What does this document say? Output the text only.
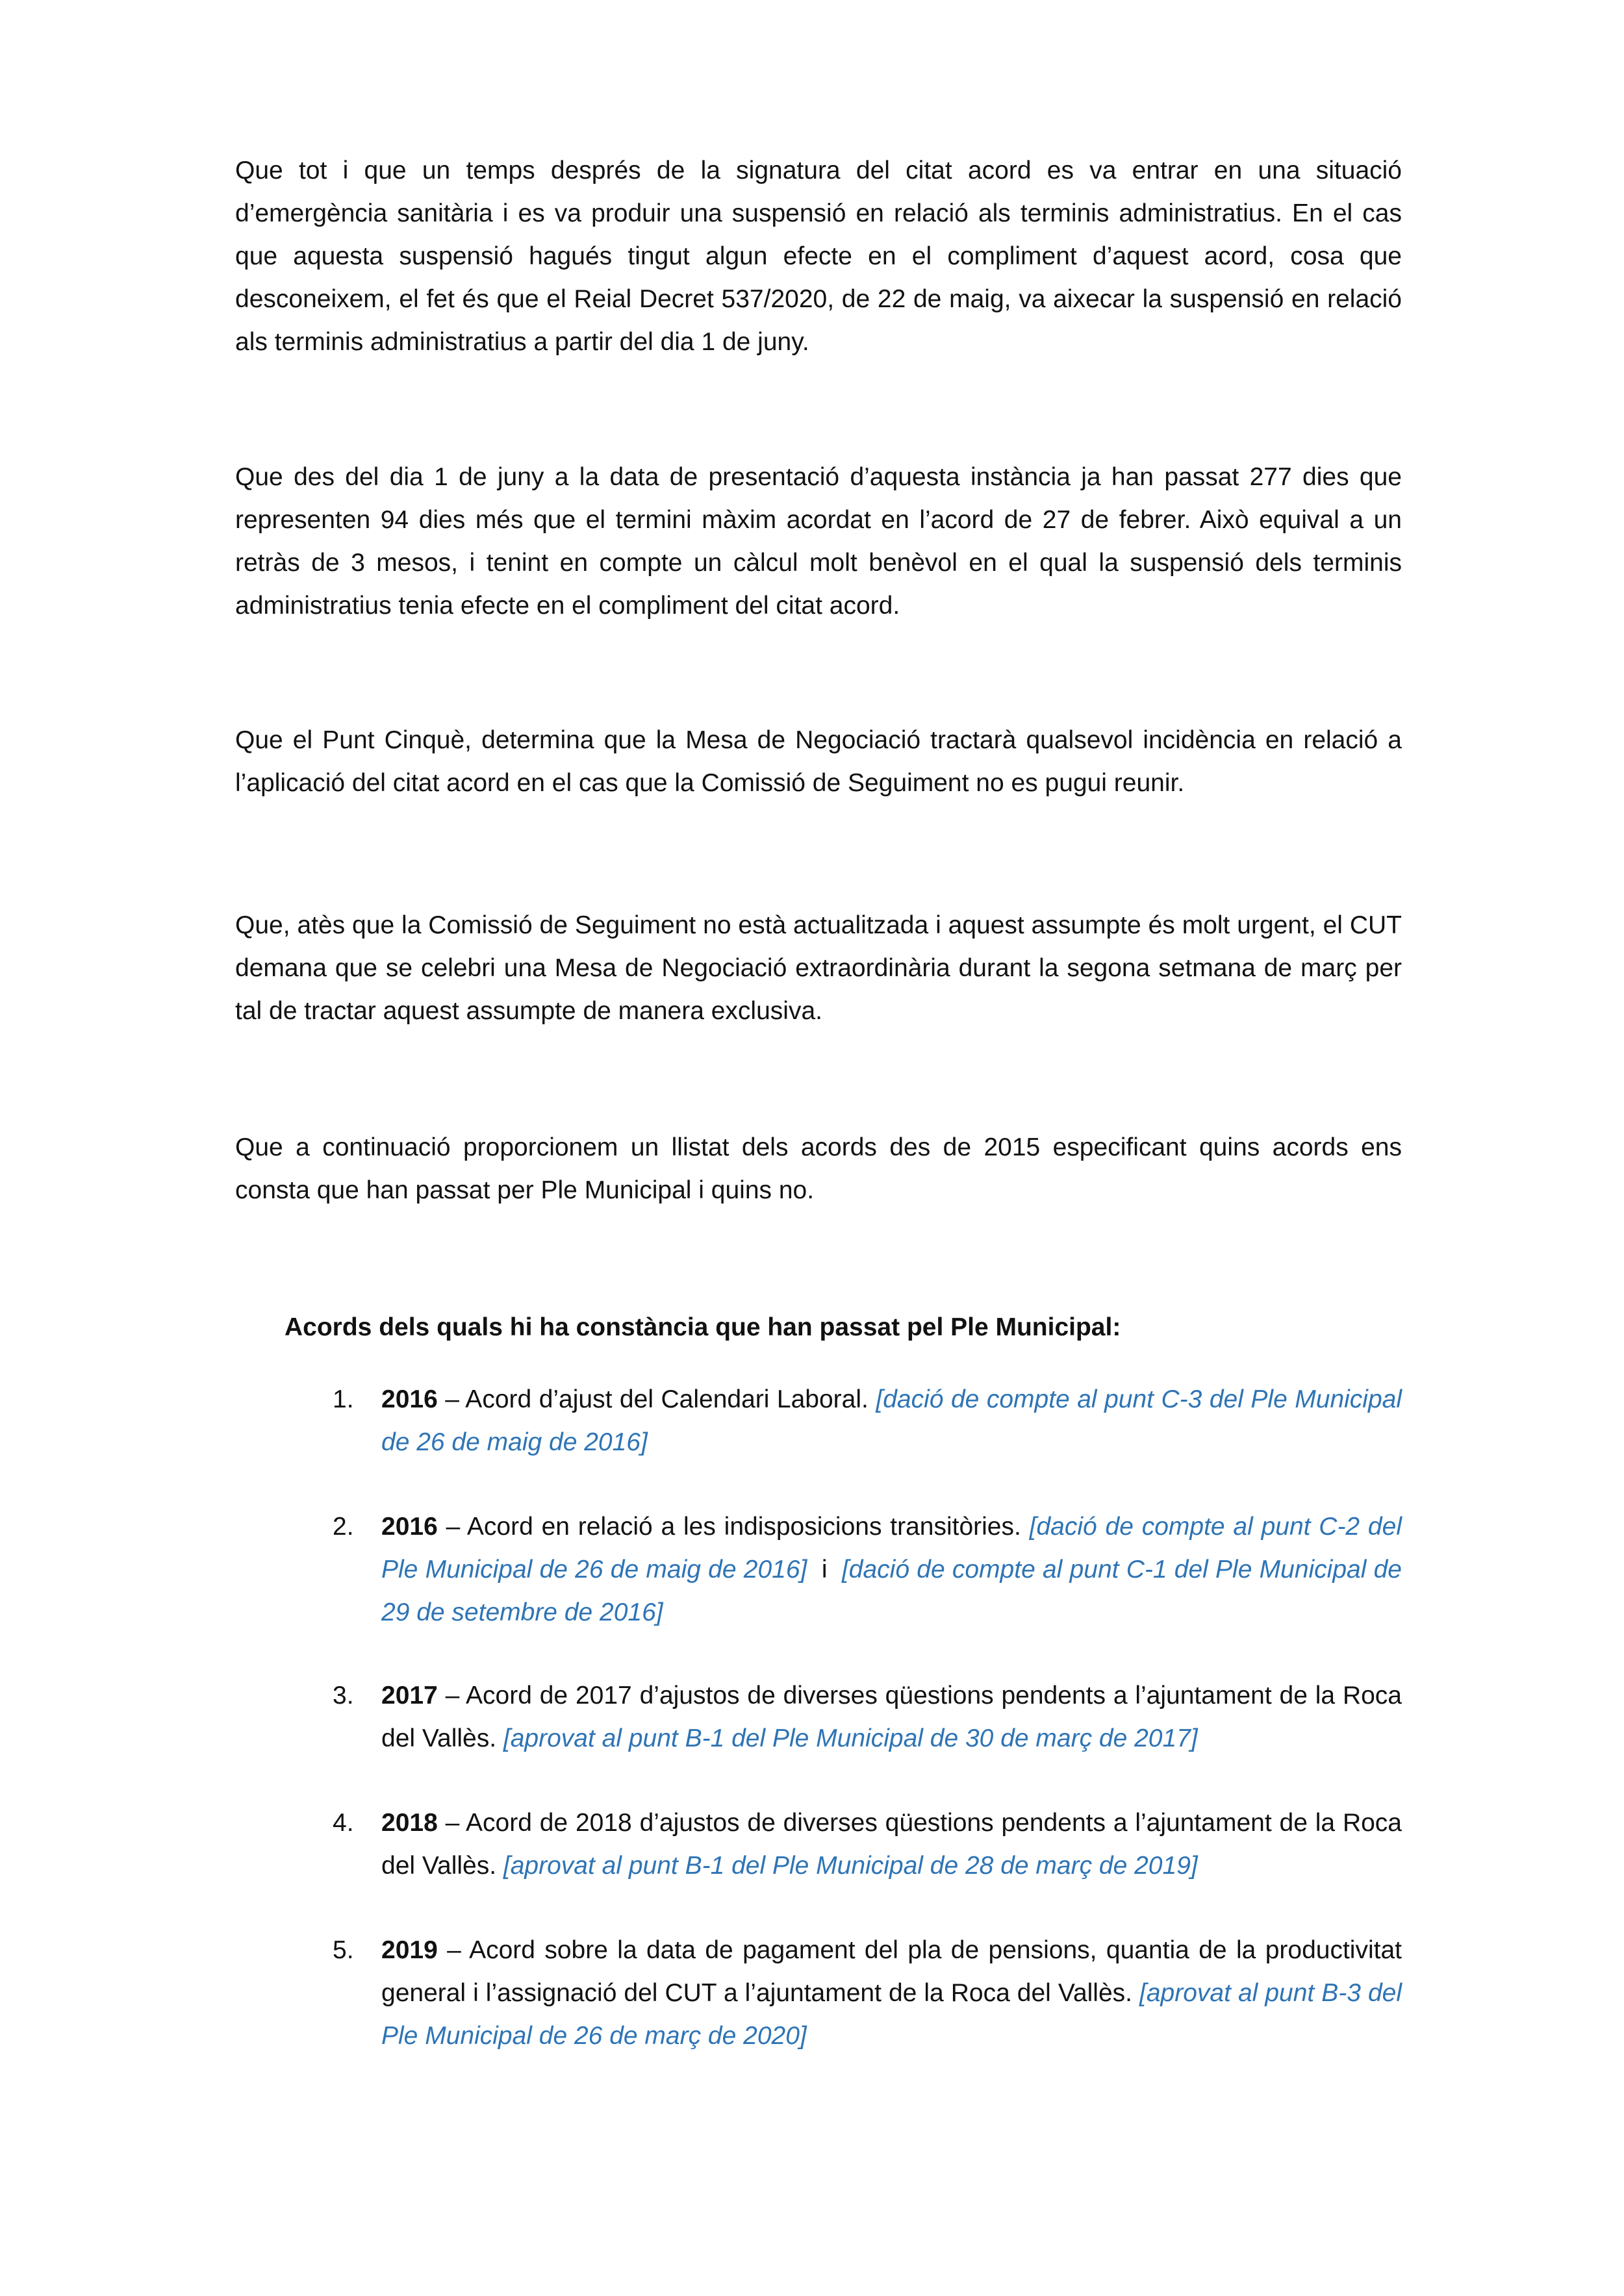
Que tot i que un temps després de la signatura del citat acord es va entrar en una situació d’emergència sanitària i es va produir una suspensió en relació als terminis administratius. En el cas que aquesta suspensió hagués tingut algun efecte en el compliment d’aquest acord, cosa que desconeixem, el fet és que el Reial Decret 537/2020, de 22 de maig, va aixecar la suspensió en relació als terminis administratius a partir del dia 1 de juny.

Que des del dia 1 de juny a la data de presentació d’aquesta instància ja han passat 277 dies que representen 94 dies més que el termini màxim acordat en l’acord de 27 de febrer. Això equival a un retràs de 3 mesos, i tenint en compte un càlcul molt benèvol en el qual la suspensió dels terminis administratius tenia efecte en el compliment del citat acord.

Que el Punt Cinquè, determina que la Mesa de Negociació tractarà qualsevol incidència en relació a l’aplicació del citat acord en el cas que la Comissió de Seguiment no es pugui reunir.

Que, atès que la Comissió de Seguiment no està actualitzada i aquest assumpte és molt urgent, el CUT demana que se celebri una Mesa de Negociació extraordinària durant la segona setmana de març per tal de tractar aquest assumpte de manera exclusiva.

Que a continuació proporcionem un llistat dels acords des de 2015 especificant quins acords ens consta que han passat per Ple Municipal i quins no.

Acords dels quals hi ha constància que han passat pel Ple Municipal:

1. 2016 – Acord d’ajust del Calendari Laboral. [dació de compte al punt C-3 del Ple Municipal de 26 de maig de 2016]

2. 2016 – Acord en relació a les indisposicions transitòries. [dació de compte al punt C-2 del Ple Municipal de 26 de maig de 2016]  i  [dació de compte al punt C-1 del Ple Municipal de 29 de setembre de 2016]

3. 2017 – Acord de 2017 d’ajustos de diverses qüestions pendents a l’ajuntament de la Roca del Vallès. [aprovat al punt B-1 del Ple Municipal de 30 de març de 2017]

4. 2018 – Acord de 2018 d’ajustos de diverses qüestions pendents a l’ajuntament de la Roca del Vallès. [aprovat al punt B-1 del Ple Municipal de 28 de març de 2019]

5. 2019 – Acord sobre la data de pagament del pla de pensions, quantia de la productivitat general i l’assignació del CUT a l’ajuntament de la Roca del Vallès. [aprovat al punt B-3 del Ple Municipal de 26 de març de 2020]
